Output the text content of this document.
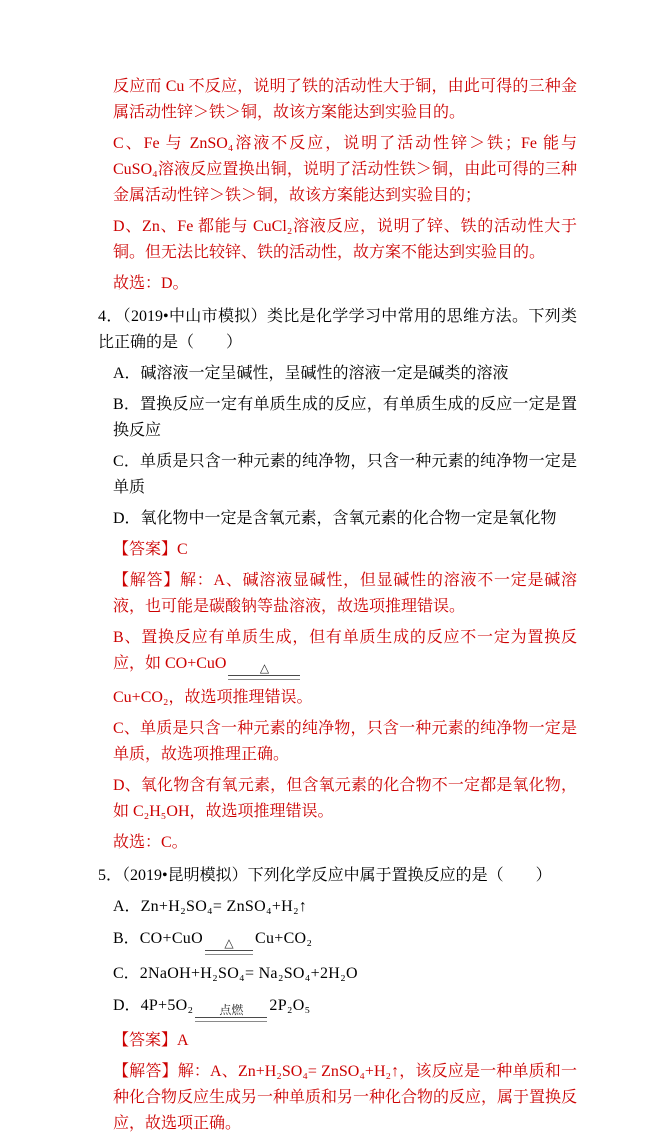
反应而 Cu 不反应，说明了铁的活动性大于铜，由此可得的三种金属活动性锌＞铁＞铜，故该方案能达到实验目的。

C、Fe 与 ZnSO₄溶液不反应，说明了活动性锌＞铁；Fe 能与 CuSO₄溶液反应置换出铜，说明了活动性铁＞铜，由此可得的三种金属活动性锌＞铁＞铜，故该方案能达到实验目的；

D、Zn、Fe 都能与 CuCl₂溶液反应，说明了锌、铁的活动性大于铜。但无法比较锌、铁的活动性，故方案不能达到实验目的。

故选：D。

4．（2019•中山市模拟）类比是化学学习中常用的思维方法。下列类比正确的是（　　）

A．碱溶液一定呈碱性，呈碱性的溶液一定是碱类的溶液

B．置换反应一定有单质生成的反应，有单质生成的反应一定是置换反应

C．单质是只含一种元素的纯净物，只含一种元素的纯净物一定是单质

D．氧化物中一定是含氧元素，含氧元素的化合物一定是氧化物

【答案】C

【解答】解：A、碱溶液显碱性，但显碱性的溶液不一定是碱溶液，也可能是碳酸钠等盐溶液，故选项推理错误。

B、置换反应有单质生成，但有单质生成的反应不一定为置换反应，如 CO+CuO	△

Cu+CO₂，故选项推理错误。

C、单质是只含一种元素的纯净物，只含一种元素的纯净物一定是单质，故选项推理正确。

D、氧化物含有氧元素，但含氧元素的化合物不一定都是氧化物，如 C₂H₅OH，故选项推理错误。

故选：C。

5．（2019•昆明模拟）下列化学反应中属于置换反应的是（　　）

A．Zn+H₂SO₄= ZnSO₄+H₂↑

B．CO+CuO	△	Cu+CO₂

C．2NaOH+H₂SO₄= Na₂SO₄+2H₂O

D．4P+5O₂	点燃	2P₂O₅

【答案】A

【解答】解：A、Zn+H₂SO₄= ZnSO₄+H₂↑，该反应是一种单质和一种化合物反应生成另一种单质和另一种化合物的反应，属于置换反应，故选项正确。
